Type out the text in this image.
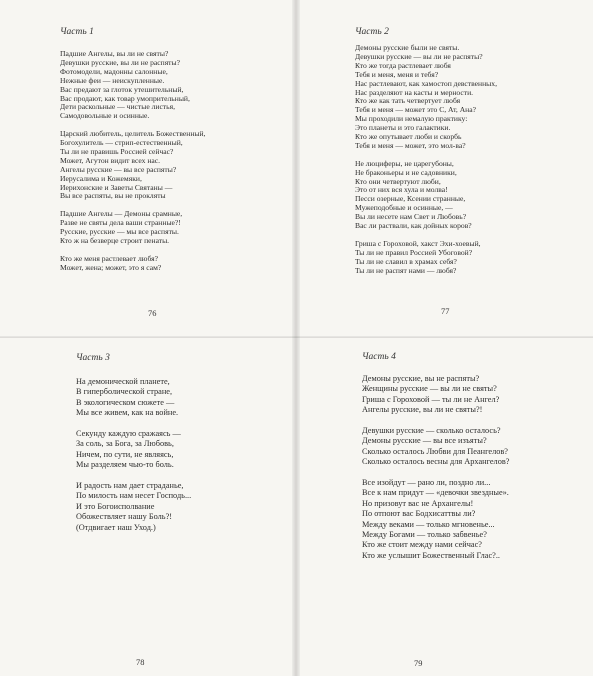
Часть 1
Падшие Ангелы, вы ли не святы?
Девушки русские, вы ли не распяты?
Фотомодели, мадонны салонные,
Нежные феи — неискупленные.
Вас предают за глоток утешительный,
Вас продают, как товар умопрительный,
Дети раскольные — чистые листья,
Самодовольные и осинные.
Царский любитель, целитель Божественный,
Богохулитель — стрип-естественный,
Ты ли не правишь Россией сейчас?
Может, Агутон видит всех нас.
Ангелы русские — вы все распяты?
Иерусалима и Кожемяки,
Иерихонские и Заветы Святаны —
Вы все распяты, вы не прокляты
Падшие Ангелы — Демоны срамные,
Разве не святы дела ваши странные?!
Русские, русские — мы все распяты.
Кто ж на безверце строит пенаты.
Кто же меня растлевает любя?
Может, жена; может, это я сам?
76
Часть 2
Демоны русские были не святы.
Девушки русские — вы ли не распяты?
Кто же тогда растлевает любя
Тебя и меня, меня и тебя?
Нас растлевают, как хамостоп девственных,
Нас разделяют на касты и мерности.
Кто же как тать четвертует любя
Тебя и меня — может это С, Ат, Ана?
Мы проходили немалую практику:
Это планеты и это галактики.
Кто же опутывает люби и скорбь
Тебя и меня — может, это мол-ва?
Не люциферы, не царегубоны,
Не браконьеры и не садовники,
Кто они четвертуют люби,
Это от них вся хула и молва!
Песси озерные, Ксении странные,
Мужеподобные и осинные, —
Вы ли несете нам Свет и Любовь?
Вас ли раствали, как дойных коров?
Гриша с Гороховой, хакст Эхи-хоевый,
Ты ли не правил Россией Убоговой?
Ты ли не славил в храмах себя?
Ты ли не распят нами — любя?
77
Часть 3
На демонической планете,
В гиперболической стране,
В экологическом сюжете —
Мы все живем, как на войне.
Секунду каждую сражаясь —
За соль, за Бога, за Любовь,
Ничем, по сути, не являясь,
Мы разделяем чью-то боль.
И радость нам дает страданье,
По милость нам несет Господь...
И это Богоисполвание
Обожествляет нашу Боль?!
(Отдвигает наш Уход.)
78
Часть 4
Демоны русские, вы не распяты?
Женщины русские — вы ли не святы?
Гриша с Гороховой — ты ли не Ангел?
Ангелы русские, вы ли не святы?!
Девушки русские — сколько осталось?
Демоны русские — вы все изъяты?
Сколько осталось Любви для Пеангелов?
Сколько осталось весны для Архангелов?
Все изойдут — рано ли, поздно ли...
Все к нам придут — «девочки звездные».
Но призовут вас не Архангелы!
По отпоют вас Бодхисаттвы ли?
Между веками — только мгновенье...
Между Богами — только забвенье?
Кто же стоит между нами сейчас?
Кто же услышит Божественный Глас?..
79
